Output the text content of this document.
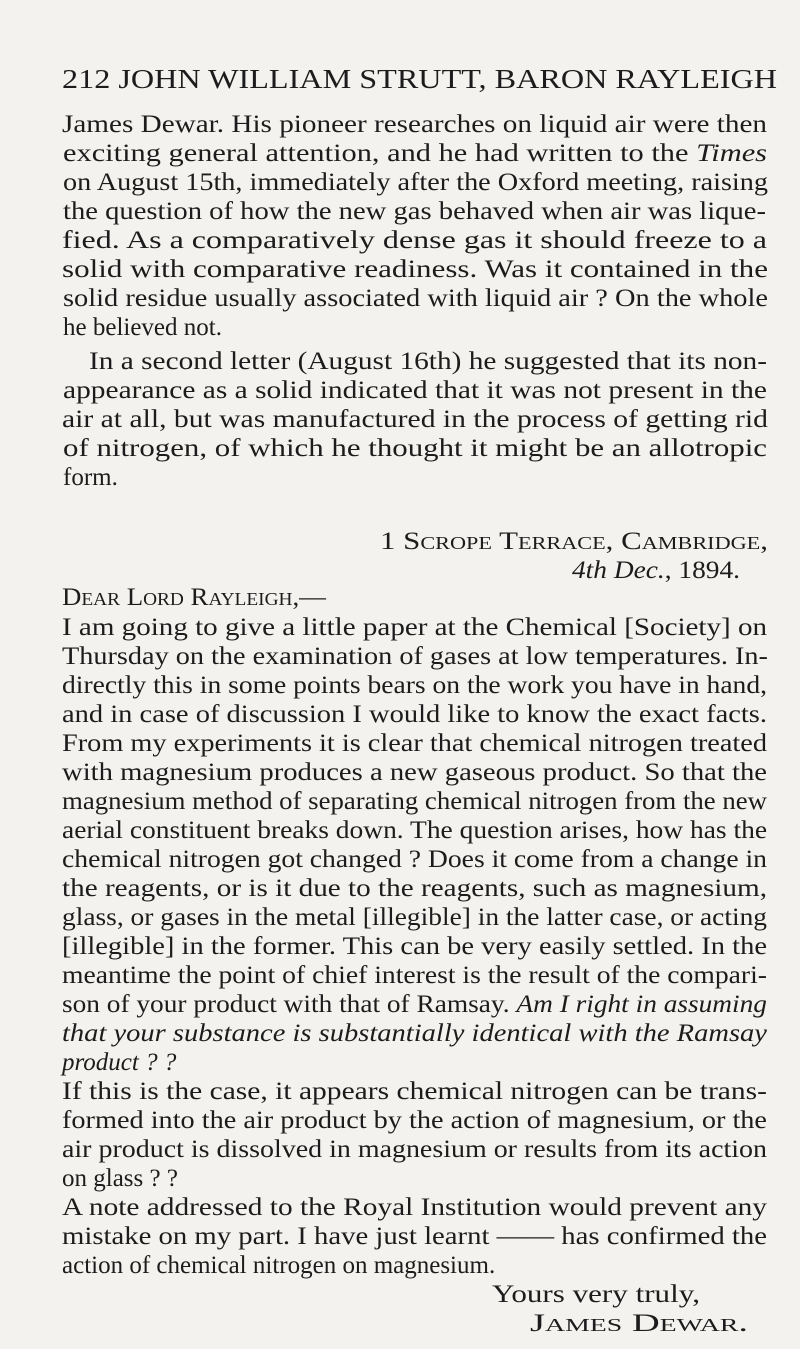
212 JOHN WILLIAM STRUTT, BARON RAYLEIGH
James Dewar. His pioneer researches on liquid air were then
exciting general attention, and he had written to the Times
on August 15th, immediately after the Oxford meeting, raising
the question of how the new gas behaved when air was lique-
fied. As a comparatively dense gas it should freeze to a
solid with comparative readiness. Was it contained in the
solid residue usually associated with liquid air ? On the whole
he believed not.
In a second letter (August 16th) he suggested that its non-
appearance as a solid indicated that it was not present in the
air at all, but was manufactured in the process of getting rid
of nitrogen, of which he thought it might be an allotropic
form.
1 Scrope Terrace, Cambridge,
4th Dec., 1894.
Dear Lord Rayleigh,—
I am going to give a little paper at the Chemical [Society] on
Thursday on the examination of gases at low temperatures. In-
directly this in some points bears on the work you have in hand,
and in case of discussion I would like to know the exact facts.
From my experiments it is clear that chemical nitrogen treated
with magnesium produces a new gaseous product. So that the
magnesium method of separating chemical nitrogen from the new
aerial constituent breaks down. The question arises, how has the
chemical nitrogen got changed ? Does it come from a change in
the reagents, or is it due to the reagents, such as magnesium,
glass, or gases in the metal [illegible] in the latter case, or acting
[illegible] in the former. This can be very easily settled. In the
meantime the point of chief interest is the result of the compari-
son of your product with that of Ramsay. Am I right in assuming
that your substance is substantially identical with the Ramsay
product ? ?
If this is the case, it appears chemical nitrogen can be trans-
formed into the air product by the action of magnesium, or the
air product is dissolved in magnesium or results from its action
on glass ? ?
A note addressed to the Royal Institution would prevent any
mistake on my part. I have just learnt —— has confirmed the
action of chemical nitrogen on magnesium.
Yours very truly,
James Dewar.
